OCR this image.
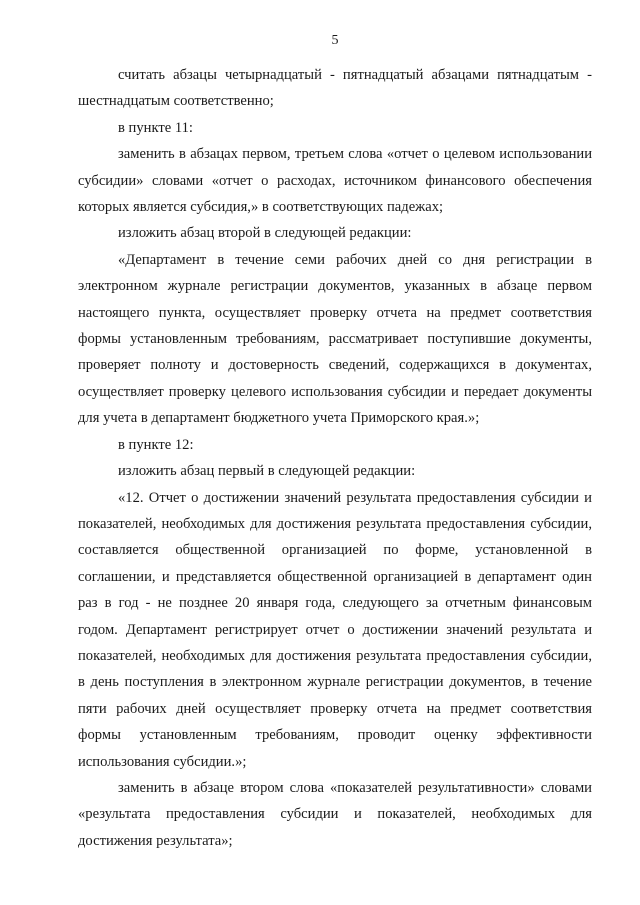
5

считать абзацы четырнадцатый - пятнадцатый абзацами пятнадцатым - шестнадцатым соответственно;

в пункте 11:

заменить в абзацах первом, третьем слова «отчет о целевом использовании субсидии» словами «отчет о расходах, источником финансового обеспечения которых является субсидия,» в соответствующих падежах;

изложить абзац второй в следующей редакции:

«Департамент в течение семи рабочих дней со дня регистрации в электронном журнале регистрации документов, указанных в абзаце первом настоящего пункта, осуществляет проверку отчета на предмет соответствия формы установленным требованиям, рассматривает поступившие документы, проверяет полноту и достоверность сведений, содержащихся в документах, осуществляет проверку целевого использования субсидии и передает документы для учета в департамент бюджетного учета Приморского края.»;

в пункте 12:

изложить абзац первый в следующей редакции:

«12. Отчет о достижении значений результата предоставления субсидии и показателей, необходимых для достижения результата предоставления субсидии, составляется общественной организацией по форме, установленной в соглашении, и представляется общественной организацией в департамент один раз в год - не позднее 20 января года, следующего за отчетным финансовым годом. Департамент регистрирует отчет о достижении значений результата и показателей, необходимых для достижения результата предоставления субсидии, в день поступления в электронном журнале регистрации документов, в течение пяти рабочих дней осуществляет проверку отчета на предмет соответствия формы установленным требованиям, проводит оценку эффективности использования субсидии.»;

заменить в абзаце втором слова «показателей результативности» словами «результата предоставления субсидии и показателей, необходимых для достижения результата»;
